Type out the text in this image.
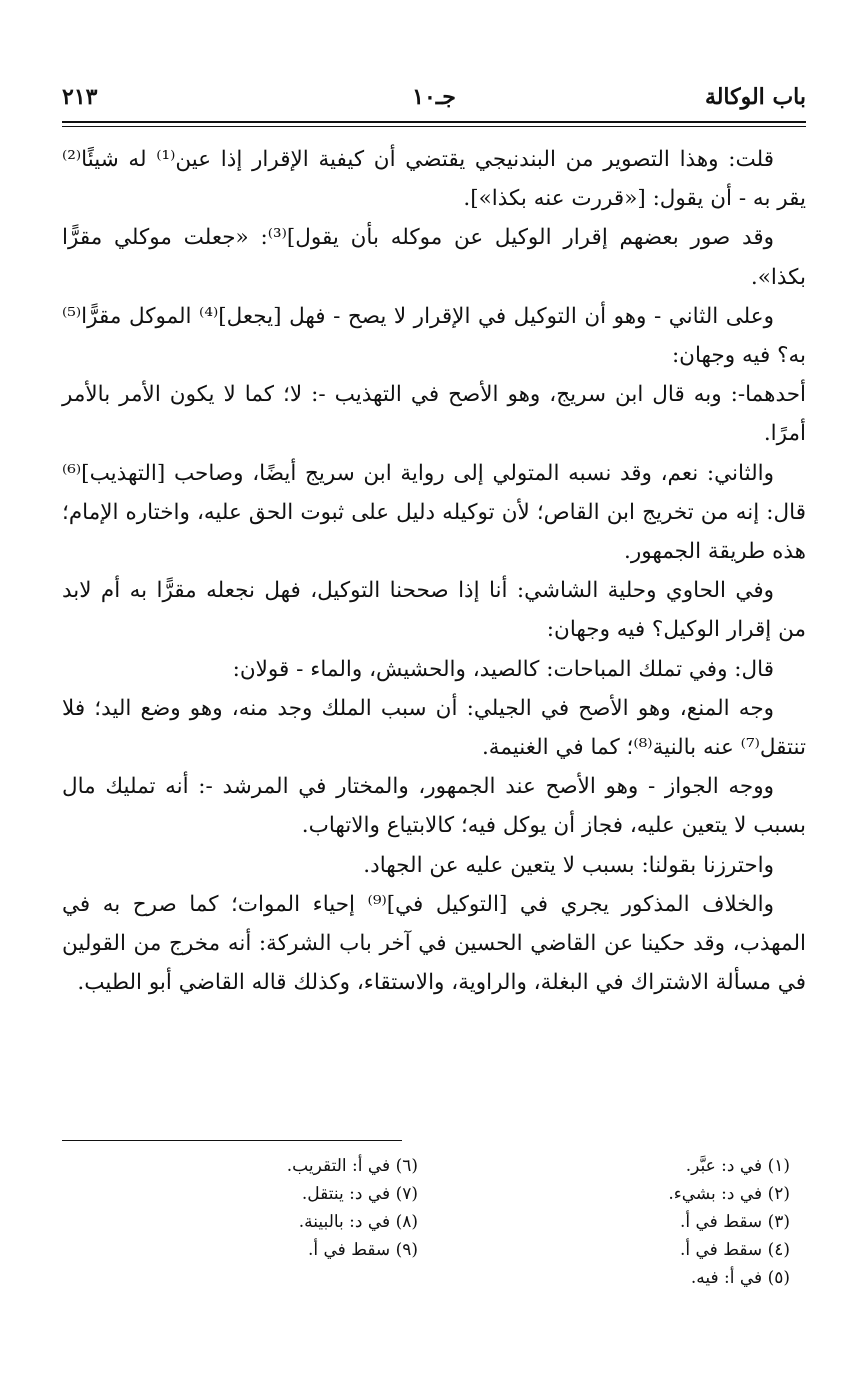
باب الوكالة
جـ١٠
٢١٣

قلت: وهذا التصوير من البندنيجي يقتضي أن كيفية الإقرار إذا عين⁽¹⁾ له شيئًا⁽²⁾ يقر به - أن يقول: [«قررت عنه بكذا»].

وقد صور بعضهم إقرار الوكيل عن موكله بأن يقول]⁽³⁾: «جعلت موكلي مقرًّا بكذا».

وعلى الثاني - وهو أن التوكيل في الإقرار لا يصح - فهل [يجعل]⁽⁴⁾ الموكل مقرًّا⁽⁵⁾ به؟ فيه وجهان:

أحدهما-: وبه قال ابن سريج، وهو الأصح في التهذيب -: لا؛ كما لا يكون الأمر بالأمر أمرًا.

والثاني: نعم، وقد نسبه المتولي إلى رواية ابن سريج أيضًا، وصاحب [التهذيب]⁽⁶⁾ قال: إنه من تخريج ابن القاص؛ لأن توكيله دليل على ثبوت الحق عليه، واختاره الإمام؛ هذه طريقة الجمهور.

وفي الحاوي وحلية الشاشي: أنا إذا صححنا التوكيل، فهل نجعله مقرًّا به أم لابد من إقرار الوكيل؟ فيه وجهان:

قال: وفي تملك المباحات: كالصيد، والحشيش، والماء - قولان:

وجه المنع، وهو الأصح في الجيلي: أن سبب الملك وجد منه، وهو وضع اليد؛ فلا تنتقل⁽⁷⁾ عنه بالنية⁽⁸⁾؛ كما في الغنيمة.

ووجه الجواز - وهو الأصح عند الجمهور، والمختار في المرشد -: أنه تمليك مال بسبب لا يتعين عليه، فجاز أن يوكل فيه؛ كالابتياع والاتهاب.

واحترزنا بقولنا: بسبب لا يتعين عليه عن الجهاد.

والخلاف المذكور يجري في [التوكيل في]⁽⁹⁾ إحياء الموات؛ كما صرح به في المهذب، وقد حكينا عن القاضي الحسين في آخر باب الشركة: أنه مخرج من القولين في مسألة الاشتراك في البغلة، والراوية، والاستقاء، وكذلك قاله القاضي أبو الطيب.

(١) في د: عبَّر.
(٢) في د: بشيء.
(٣) سقط في أ.
(٤) سقط في أ.
(٥) في أ: فيه.
(٦) في أ: التقريب.
(٧) في د: ينتقل.
(٨) في د: بالبينة.
(٩) سقط في أ.
